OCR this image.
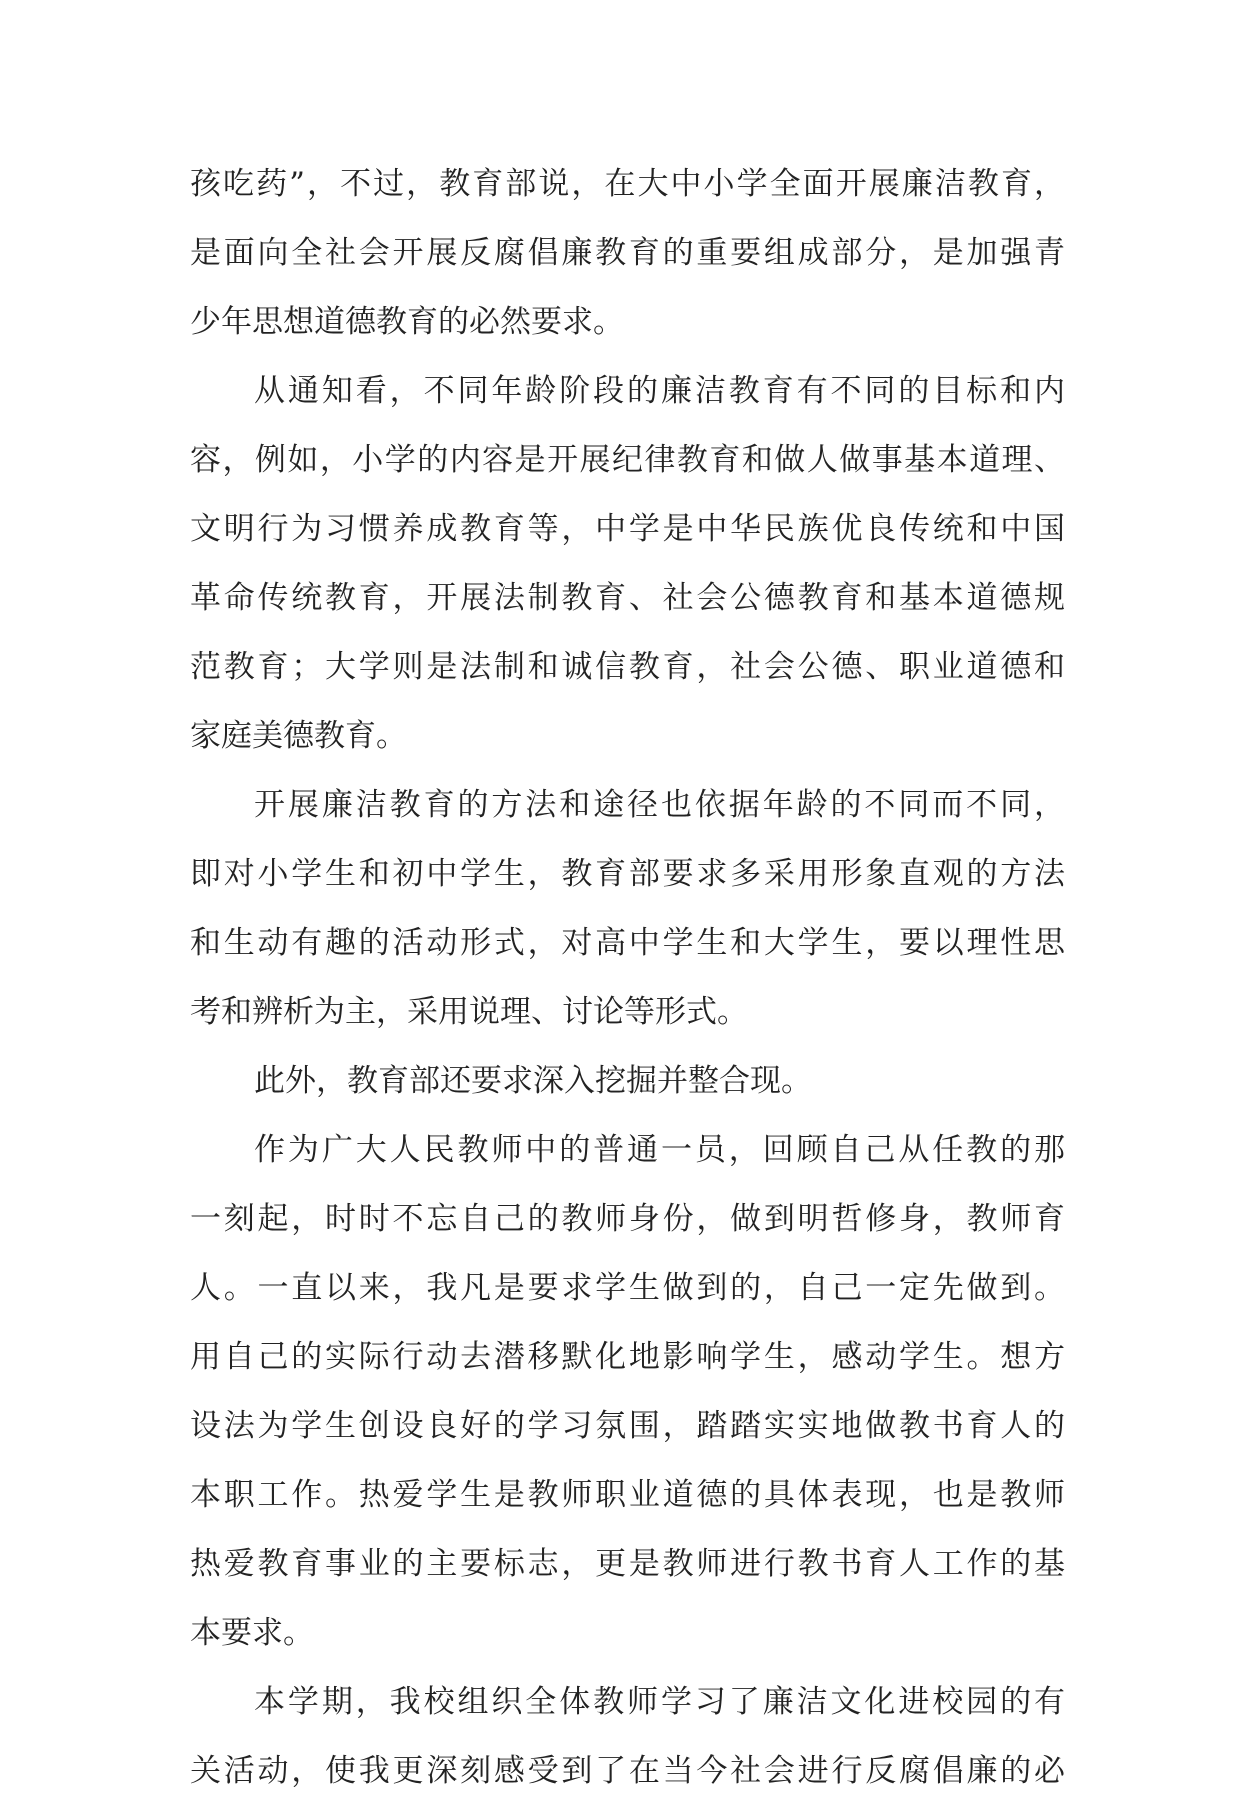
孩吃药”，不过，教育部说，在大中小学全面开展廉洁教育，
是面向全社会开展反腐倡廉教育的重要组成部分，是加强青
少年思想道德教育的必然要求。
从通知看，不同年龄阶段的廉洁教育有不同的目标和内
容，例如，小学的内容是开展纪律教育和做人做事基本道理、
文明行为习惯养成教育等，中学是中华民族优良传统和中国
革命传统教育，开展法制教育、社会公德教育和基本道德规
范教育；大学则是法制和诚信教育，社会公德、职业道德和
家庭美德教育。
开展廉洁教育的方法和途径也依据年龄的不同而不同，
即对小学生和初中学生，教育部要求多采用形象直观的方法
和生动有趣的活动形式，对高中学生和大学生，要以理性思
考和辨析为主，采用说理、讨论等形式。
此外，教育部还要求深入挖掘并整合现。
作为广大人民教师中的普通一员，回顾自己从任教的那
一刻起，时时不忘自己的教师身份，做到明哲修身，教师育
人。一直以来，我凡是要求学生做到的，自己一定先做到。
用自己的实际行动去潜移默化地影响学生，感动学生。想方
设法为学生创设良好的学习氛围，踏踏实实地做教书育人的
本职工作。热爱学生是教师职业道德的具体表现，也是教师
热爱教育事业的主要标志，更是教师进行教书育人工作的基
本要求。
本学期，我校组织全体教师学习了廉洁文化进校园的有
关活动，使我更深刻感受到了在当今社会进行反腐倡廉的必
